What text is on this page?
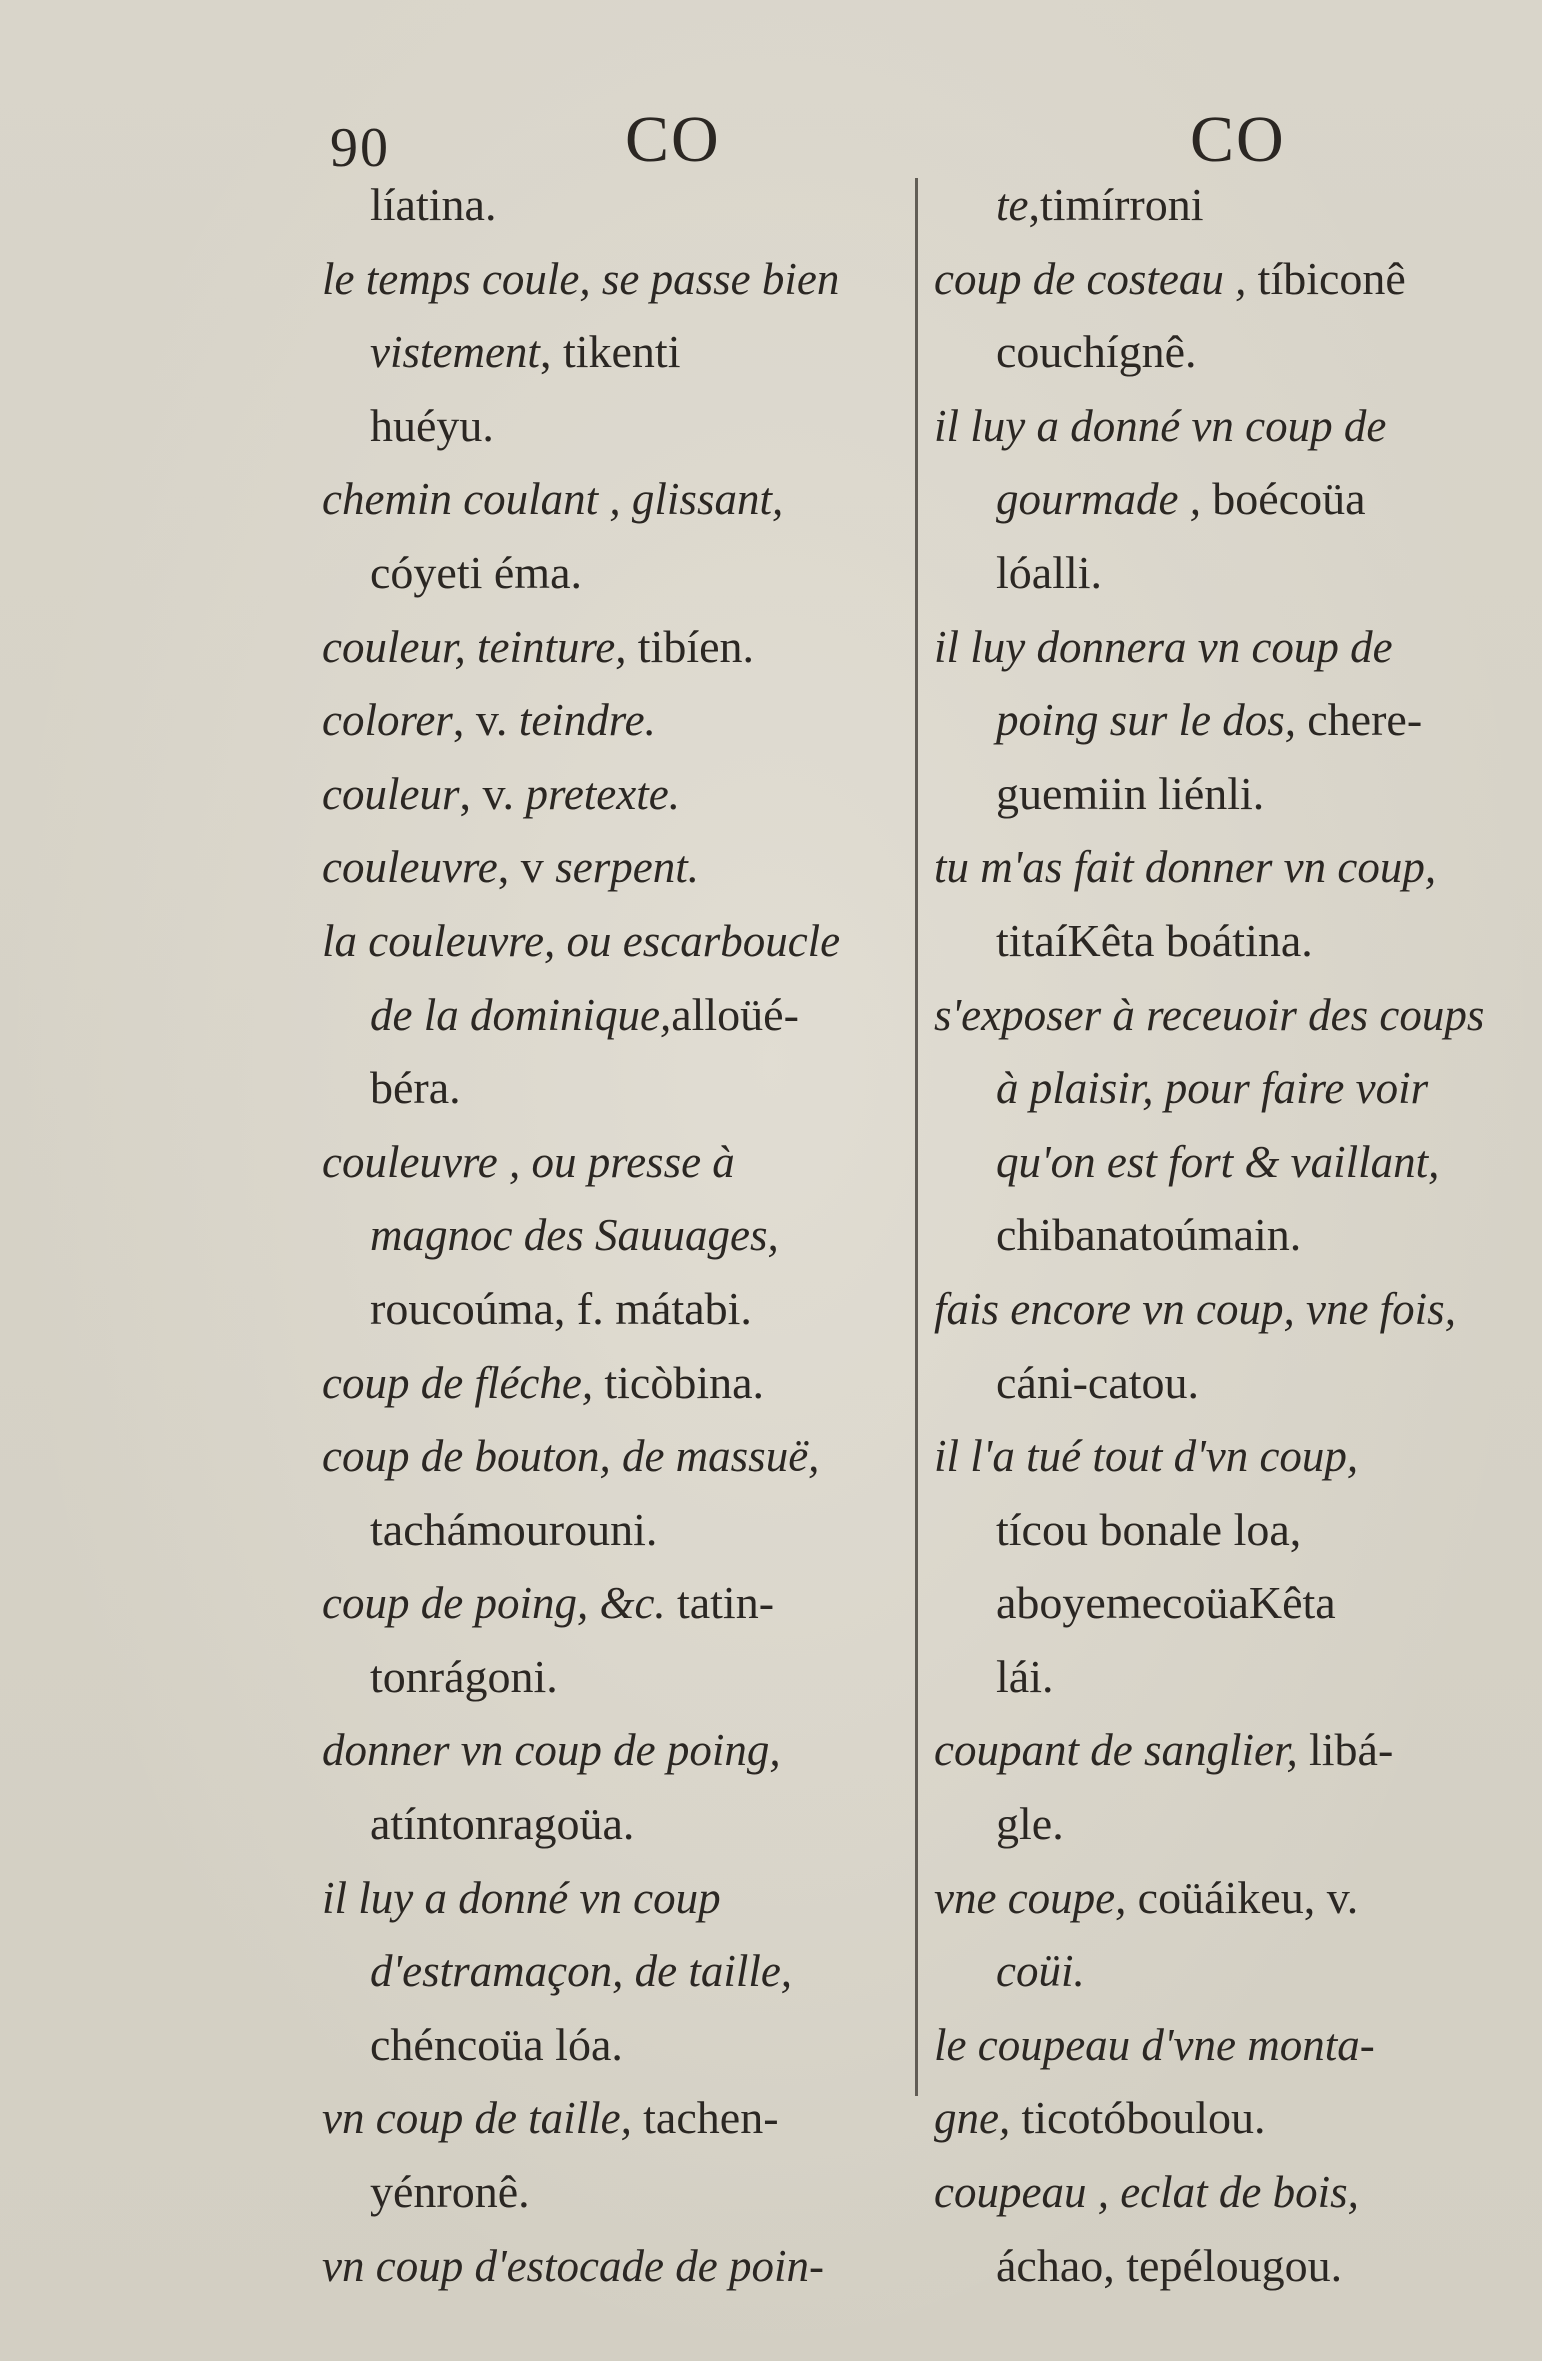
90	CO	CO
líatina.
le temps coule, se passe bien
vistement, tikenti
huéyu.
chemin coulant , glissant,
cóyeti éma.
couleur, teinture, tibíen.
colorer, v. teindre.
couleur, v. pretexte.
couleuvre, v serpent.
la couleuvre, ou escarboucle
de la dominique,alloüé-
béra.
couleuvre , ou presse à
magnoc des Sauuages,
roucoúma, f. mátabi.
coup de fléche, ticòbina.
coup de bouton, de massuë,
tachámourouni.
coup de poing, &c. tatin-
tonrágoni.
donner vn coup de poing,
atíntonragoüa.
il luy a donné vn coup
d'estramaçon, de taille,
chéncoüa lóa.
vn coup de taille, tachen-
yénronê.
vn coup d'estocade de poin-
te,timírroni
coup de costeau , tíbiconê
couchígnê.
il luy a donné vn coup de
gourmade , boécoüa
lóalli.
il luy donnera vn coup de
poing sur le dos, chere-
guemiin liénli.
tu m'as fait donner vn coup,
titaíKêta boátina.
s'exposer à receuoir des coups
à plaisir, pour faire voir
qu'on est fort & vaillant,
chibanatoúmain.
fais encore vn coup, vne fois,
cáni-catou.
il l'a tué tout d'vn coup,
tícou bonale loa,
aboyemecoüaKêta
lái.
coupant de sanglier, libá-
gle.
vne coupe, coüáikeu, v.
coüi.
le coupeau d'vne monta-
gne, ticotóboulou.
coupeau , eclat de bois,
áchao, tepélougou.
